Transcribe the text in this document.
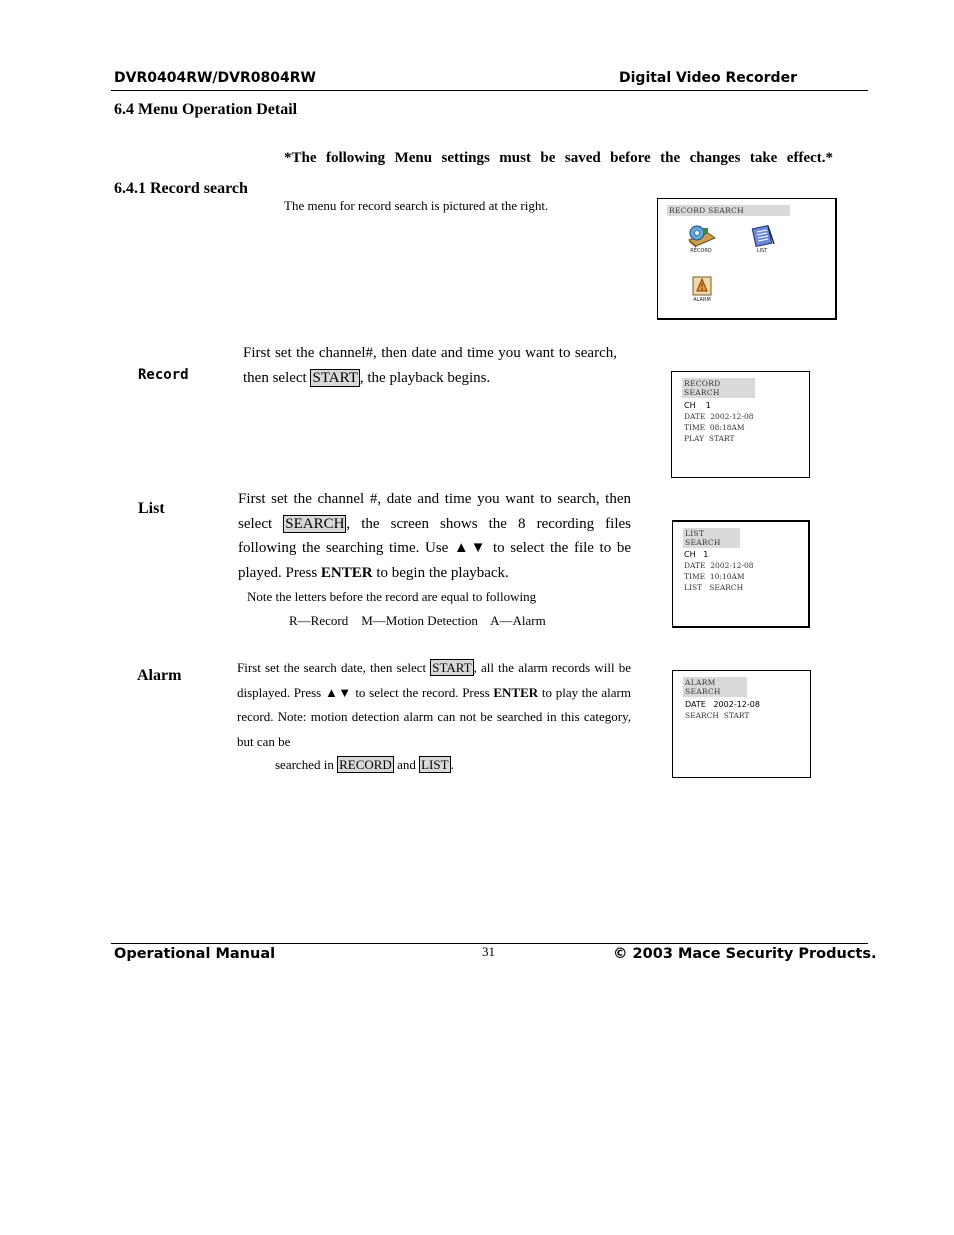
DVR0404RW/DVR0804RW	Digital Video Recorder
6.4 Menu Operation Detail
*The following Menu settings must be saved before the changes take effect.*
6.4.1 Record search
The menu for record search is pictured at the right.	RECORD SEARCH
RECORD	LIST
ALARM
Record
First set the channel#, then date and time you want to search, then select START , the playback begins.	RECORD SEARCH
CH 1
DATE 2002-12-08
TIME 08:18AM
PLAY START
List
First set the channel #, date and time you want to search, then select SEARCH , the screen shows the 8 recording files following the searching time. Use ▲▼ to select the file to be played. Press ENTER to begin the playback.
Note the letters before the record are equal to following
R—Record    M—Motion Detection    A—Alarm
LIST SEARCH
CH 1
DATE 2002-12-08
TIME 10:10AM
LIST SEARCH
Alarm	First set the search date, then select START , all the alarm records will be displayed. Press ▲▼ to select the record. Press ENTER to play the alarm record. Note: motion detection alarm can not be searched in this category, but can be
searched in RECORD and LIST .
ALARM SEARCH
DATE 2002-12-08
SEARCH START
Operational Manual	31	© 2003 Mace Security Products.
